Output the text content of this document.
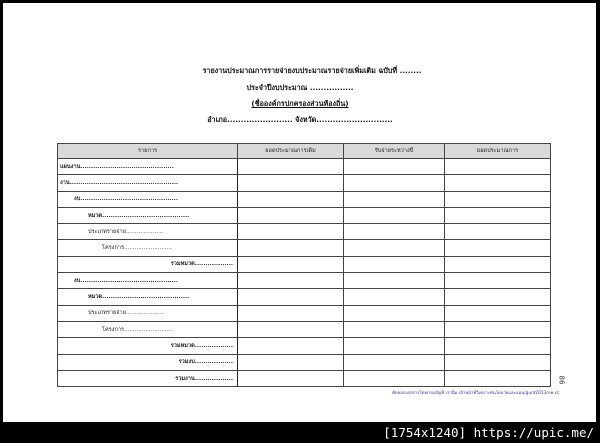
รายงานประมาณการรายจ่ายงบประมาณรายจ่ายเพิ่มเติม ฉบับที่ ........
ประจำปีงบประมาณ ................
(ชื่อองค์กรปกครองส่วนท้องถิ่น)
อำเภอ........................ จังหวัด............................
รายการ	ยอดประมาณการเดิม	รับจ่ายระหว่างปี	ยอดประมาณการ
แผนงาน............................................			
งาน...................................................			
งบ..............................................			
หมวด.........................................			
ประเภทรายจ่าย.....................			
โครงการ...........................			
รวมหมวด..................			
งบ..............................................			
หมวด.........................................			
ประเภทรายจ่าย.....................			
โครงการ...........................			
รวมหมวด..................			
รวมงบ..................			
รวมงาน..................				86
คัดลอกเอกสารโดยกรมบัญชี เรานิ่ม เจ้าหน้าที่วิเคราะห์นโยบายและแผน/gunt2013/กค.cc
[1754x1240] https://upic.me/
